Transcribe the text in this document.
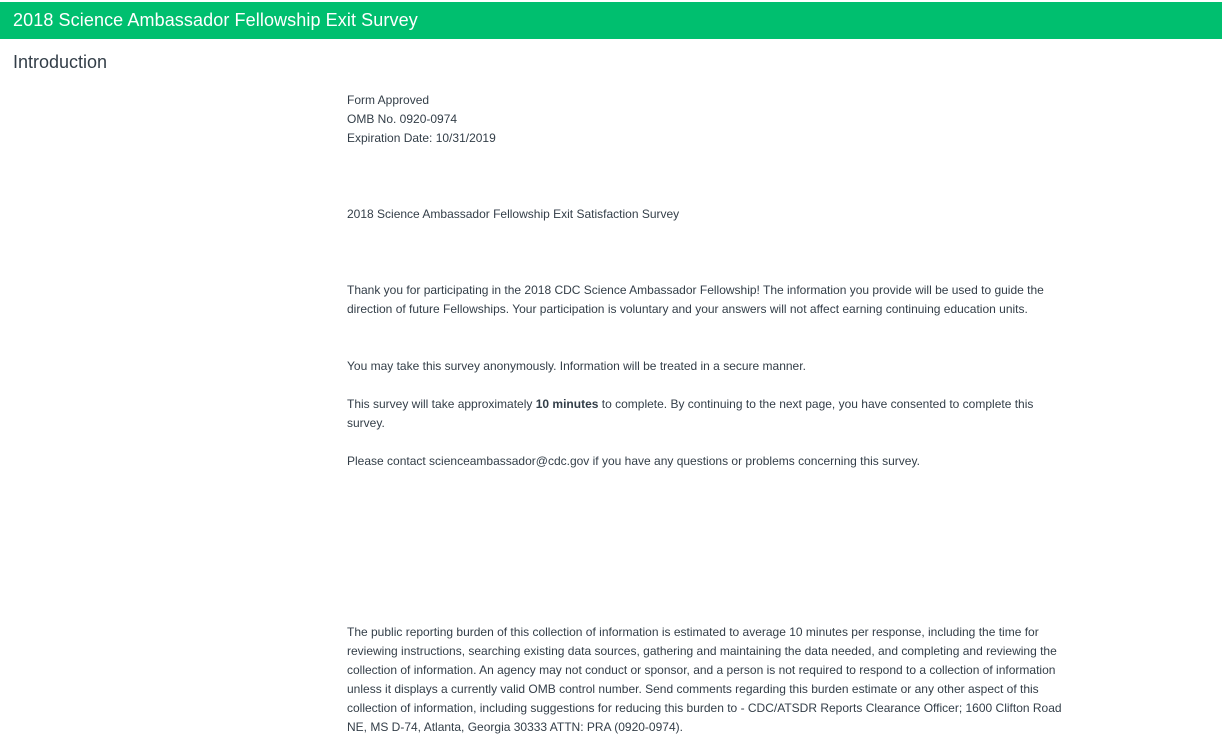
2018 Science Ambassador Fellowship Exit Survey
Introduction

Form Approved

OMB No. 0920-0974

Expiration Date: 10/31/2019

2018 Science Ambassador Fellowship Exit Satisfaction Survey

Thank you for participating in the 2018 CDC Science Ambassador Fellowship! The information you provide will be used to guide the direction of future Fellowships. Your participation is voluntary and your answers will not affect earning continuing education units.

You may take this survey anonymously. Information will be treated in a secure manner.

This survey will take approximately 10 minutes to complete. By continuing to the next page, you have consented to complete this survey.

Please contact scienceambassador@cdc.gov if you have any questions or problems concerning this survey.

The public reporting burden of this collection of information is estimated to average 10 minutes per response, including the time for reviewing instructions, searching existing data sources, gathering and maintaining the data needed, and completing and reviewing the collection of information. An agency may not conduct or sponsor, and a person is not required to respond to a collection of information unless it displays a currently valid OMB control number. Send comments regarding this burden estimate or any other aspect of this collection of information, including suggestions for reducing this burden to - CDC/ATSDR Reports Clearance Officer; 1600 Clifton Road NE, MS D-74, Atlanta, Georgia 30333 ATTN: PRA (0920-0974).
